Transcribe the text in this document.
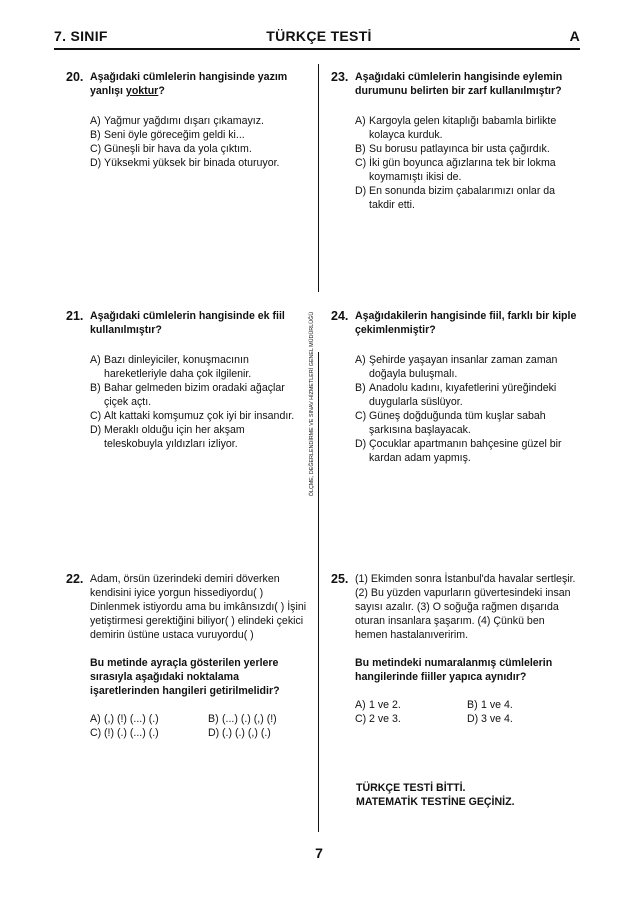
7. SINIF	TÜRKÇE TESTİ	A
ÖLÇME, DEĞERLENDİRME VE SINAV HİZMETLERİ GENEL MÜDÜRLÜĞÜ
20. Aşağıdaki cümlelerin hangisinde yazım yanlışı yoktur?
A) Yağmur yağdımı dışarı çıkamayız.
B) Seni öyle göreceğim geldi ki...
C) Güneşli bir hava da yola çıktım.
D) Yüksekmi yüksek bir binada oturuyor.
21. Aşağıdaki cümlelerin hangisinde ek fiil kullanılmıştır?
A) Bazı dinleyiciler, konuşmacının hareketleriyle daha çok ilgilenir.
B) Bahar gelmeden bizim oradaki ağaçlar çiçek açtı.
C) Alt kattaki komşumuz çok iyi bir insandır.
D) Meraklı olduğu için her akşam teleskobuyla yıldızları izliyor.
22. Adam, örsün üzerindeki demiri döverken kendisini iyice yorgun hissediyordu( ) Dinlenmek istiyordu ama bu imkânsızdı( ) İşini yetiştirmesi gerektiğini biliyor( ) elindeki çekici demirin üstüne ustaca vuruyordu( )
Bu metinde ayraçla gösterilen yerlere sırasıyla aşağıdaki noktalama işaretlerinden hangileri getirilmelidir?
A) (,) (!) (...) (.)	B) (...) (.) (,) (!)
C) (!) (.) (...) (.)	D) (.) (.) (,) (.)
23. Aşağıdaki cümlelerin hangisinde eylemin durumunu belirten bir zarf kullanılmıştır?
A) Kargoyla gelen kitaplığı babamla birlikte kolayca kurduk.
B) Su borusu patlayınca bir usta çağırdık.
C) İki gün boyunca ağızlarına tek bir lokma koymamıştı ikisi de.
D) En sonunda bizim çabalarımızı onlar da takdir etti.
24. Aşağıdakilerin hangisinde fiil, farklı bir kiple çekimlenmiştir?
A) Şehirde yaşayan insanlar zaman zaman doğayla buluşmalı.
B) Anadolu kadını, kıyafetlerini yüreğindeki duygularla süslüyor.
C) Güneş doğduğunda tüm kuşlar sabah şarkısına başlayacak.
D) Çocuklar apartmanın bahçesine güzel bir kardan adam yapmış.
25. (1) Ekimden sonra İstanbul'da havalar sertleşir. (2) Bu yüzden vapurların güvertesindeki insan sayısı azalır. (3) O soğuğa rağmen dışarıda oturan insanlara şaşarım. (4) Çünkü ben hemen hastalanıveririm.
Bu metindeki numaralanmış cümlelerin hangilerinde fiiller yapıca aynıdır?
A) 1 ve 2.	B) 1 ve 4.
C) 2 ve 3.	D) 3 ve 4.
TÜRKÇE TESTİ BİTTİ.
MATEMATİK TESTİNE GEÇİNİZ.
7
